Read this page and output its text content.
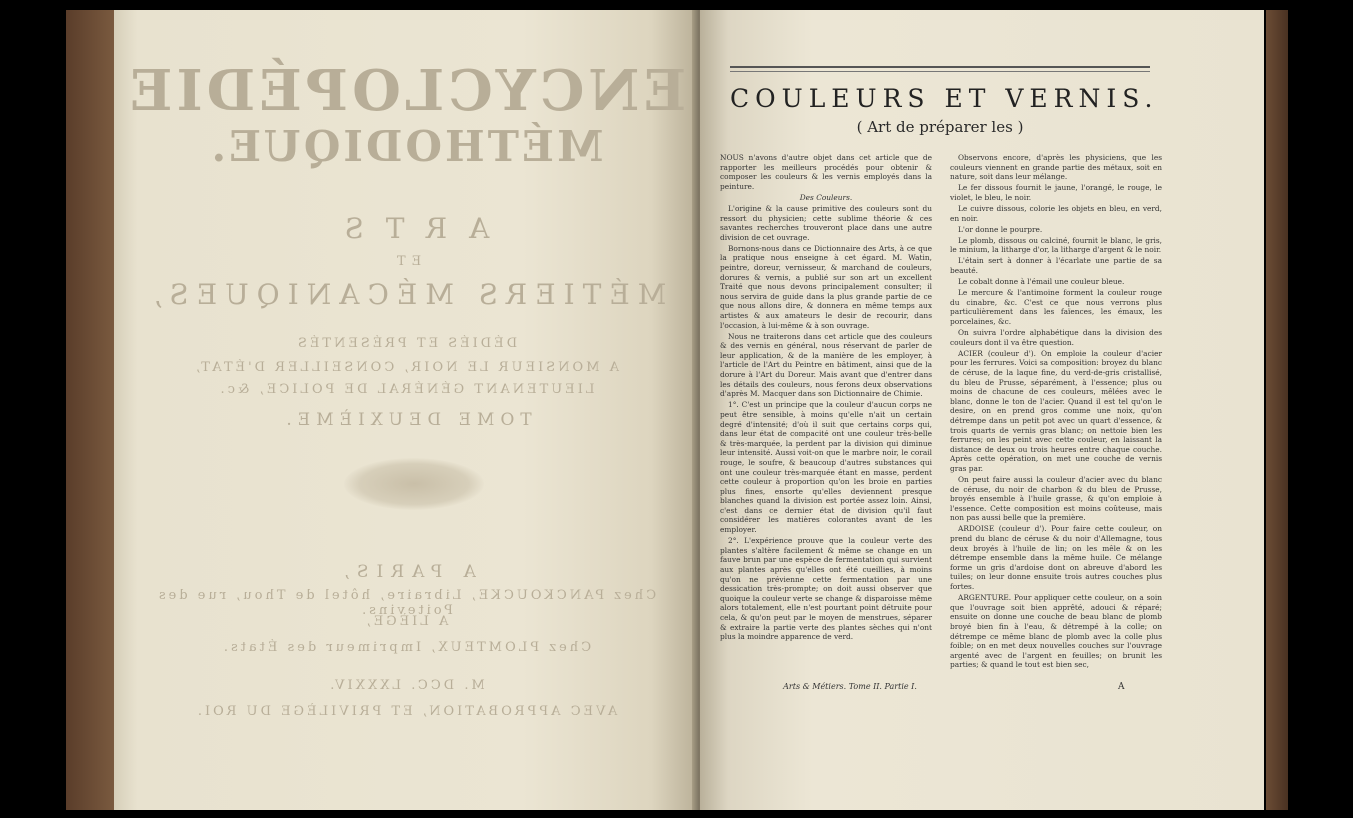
ENCYCLOPÉDIE
MÉTHODIQUE.
ARTS
ET
MÉTIERS MÉCANIQUES,
DÉDIÉS ET PRÉSENTÉS
A MONSIEUR LE NOIR, CONSEILLER D'ÉTAT,
LIEUTENANT GÉNÉRAL DE POLICE, &c.
TOME DEUXIÈME.
A PARIS,
Chez PANCKOUCKE, Libraire, hôtel de Thou, rue des Poitevins.
A LIÈGE,
Chez PLOMTEUX, Imprimeur des États.
M. DCC. LXXXIV.
AVEC APPROBATION, ET PRIVILÈGE DU ROI.
COULEURS ET VERNIS.
( Art de préparer les )

NOUS n'avons d'autre objet dans cet article que de rapporter les meilleurs procédés pour obtenir & composer les couleurs & les vernis employés dans la peinture.

Des Couleurs.

L'origine & la cause primitive des couleurs sont du ressort du physicien; cette sublime théorie & ces savantes recherches trouveront place dans une autre division de cet ouvrage.

Bornons-nous dans ce Dictionnaire des Arts, à ce que la pratique nous enseigne à cet égard. M. Watin, peintre, doreur, vernisseur, & marchand de couleurs, dorures & vernis, a publié sur son art un excellent Traité que nous devons principalement consulter; il nous servira de guide dans la plus grande partie de ce que nous allons dire, & donnera en même temps aux artistes & aux amateurs le desir de recourir, dans l'occasion, à lui-même & à son ouvrage.

Nous ne traiterons dans cet article que des couleurs & des vernis en général, nous réservant de parler de leur application, & de la manière de les employer, à l'article de l'Art du Peintre en bâtiment, ainsi que de la dorure à l'Art du Doreur. Mais avant que d'entrer dans les détails des couleurs, nous ferons deux observations d'après M. Macquer dans son Dictionnaire de Chimie.

1°. C'est un principe que la couleur d'aucun corps ne peut être sensible, à moins qu'elle n'ait un certain degré d'intensité; d'où il suit que certains corps qui, dans leur état de compacité ont une couleur très-belle & très-marquée, la perdent par la division qui diminue leur intensité. Aussi voit-on que le marbre noir, le corail rouge, le soufre, & beaucoup d'autres substances qui ont une couleur très-marquée étant en masse, perdent cette couleur à proportion qu'on les broie en parties plus fines, ensorte qu'elles deviennent presque blanches quand la division est portée assez loin. Ainsi, c'est dans ce dernier état de division qu'il faut considérer les matières colorantes avant de les employer.

2°. L'expérience prouve que la couleur verte des plantes s'altère facilement & même se change en un fauve brun par une espèce de fermentation qui survient aux plantes après qu'elles ont été cueillies, à moins qu'on ne prévienne cette fermentation par une dessication très-prompte; on doit aussi observer que quoique la couleur verte se change & disparoisse même alors totalement, elle n'est pourtant point détruite pour cela, & qu'on peut par le moyen de menstrues, séparer & extraire la partie verte des plantes sèches qui n'ont plus la moindre apparence de verd.

Observons encore, d'après les physiciens, que les couleurs viennent en grande partie des métaux, soit en nature, soit dans leur mélange.

Le fer dissous fournit le jaune, l'orangé, le rouge, le violet, le bleu, le noir.

Le cuivre dissous, colorie les objets en bleu, en verd, en noir.

L'or donne le pourpre.

Le plomb, dissous ou calciné, fournit le blanc, le gris, le minium, la litharge d'or, la litharge d'argent & le noir.

L'étain sert à donner à l'écarlate une partie de sa beauté.

Le cobalt donne à l'émail une couleur bleue.

Le mercure & l'antimoine forment la couleur rouge du cinabre, &c. C'est ce que nous verrons plus particulièrement dans les faïences, les émaux, les porcelaines, &c.

On suivra l'ordre alphabétique dans la division des couleurs dont il va être question.

ACIER (couleur d'). On emploie la couleur d'acier pour les ferrures. Voici sa composition: broyez du blanc de céruse, de la laque fine, du verd-de-gris cristallisé, du bleu de Prusse, séparément, à l'essence; plus ou moins de chacune de ces couleurs, mêlées avec le blanc, donne le ton de l'acier. Quand il est tel qu'on le desire, on en prend gros comme une noix, qu'on détrempe dans un petit pot avec un quart d'essence, & trois quarts de vernis gras blanc; on nettoie bien les ferrures; on les peint avec cette couleur, en laissant la distance de deux ou trois heures entre chaque couche. Après cette opération, on met une couche de vernis gras par.

On peut faire aussi la couleur d'acier avec du blanc de céruse, du noir de charbon & du bleu de Prusse, broyés ensemble à l'huile grasse, & qu'on emploie à l'essence. Cette composition est moins coûteuse, mais non pas aussi belle que la première.

ARDOISE (couleur d'). Pour faire cette couleur, on prend du blanc de céruse & du noir d'Allemagne, tous deux broyés à l'huile de lin; on les mêle & on les détrempe ensemble dans la même huile. Ce mélange forme un gris d'ardoise dont on abreuve d'abord les tuiles; on leur donne ensuite trois autres couches plus fortes.

ARGENTURE. Pour appliquer cette couleur, on a soin que l'ouvrage soit bien apprêté, adouci & réparé; ensuite on donne une couche de beau blanc de plomb broyé bien fin à l'eau, & détrempé à la colle; on détrempe ce même blanc de plomb avec la colle plus foible; on en met deux nouvelles couches sur l'ouvrage argenté avec de l'argent en feuilles; on brunit les parties; & quand le tout est bien sec,

Arts & Métiers. Tome II. Partie I.	A
